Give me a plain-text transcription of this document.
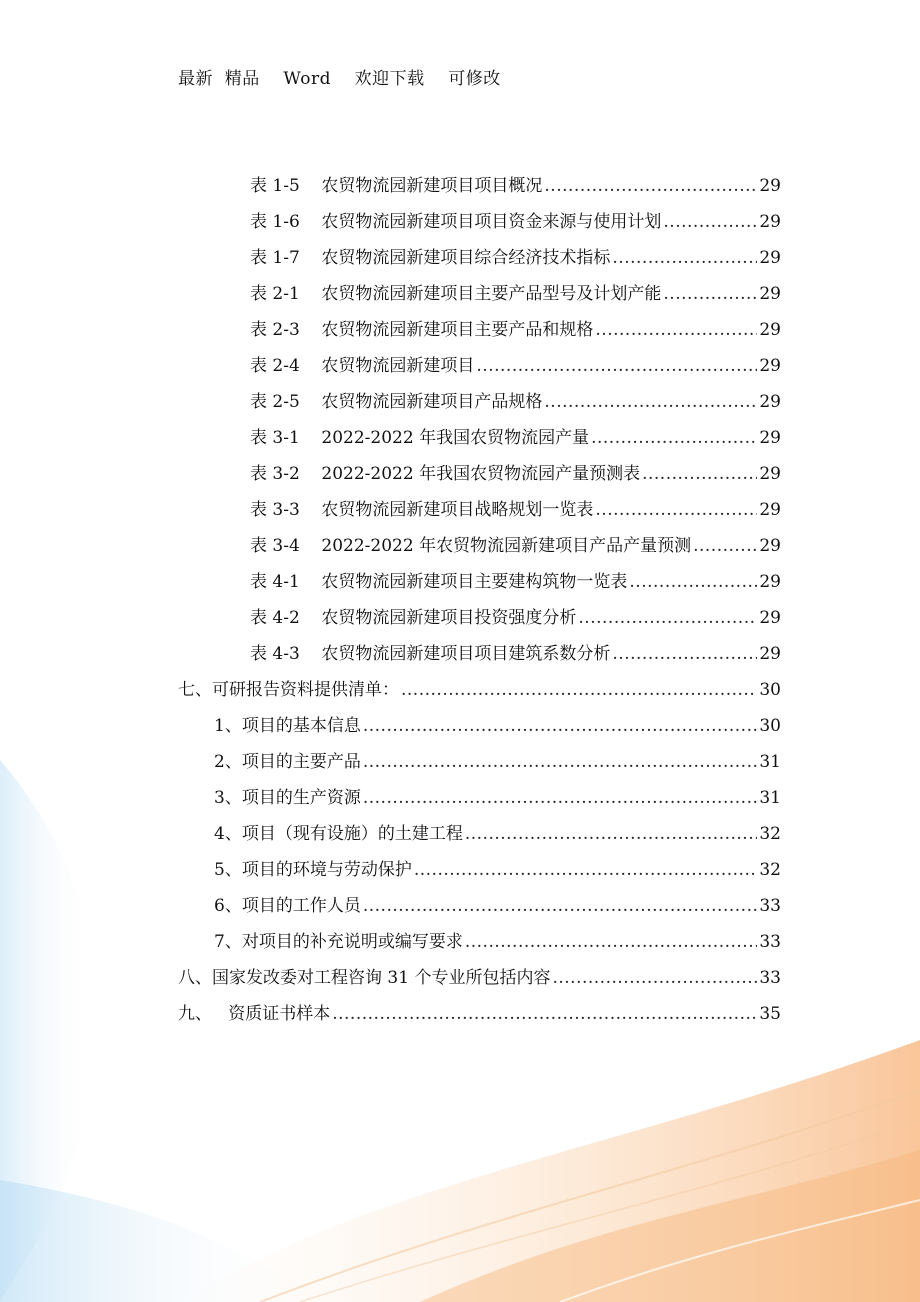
最新  精品    Word    欢迎下载    可修改
表 1-5    农贸物流园新建项目项目概况 .....	29
表 1-6    农贸物流园新建项目项目资金来源与使用计划 .....	29
表 1-7    农贸物流园新建项目综合经济技术指标 .....	29
表 2-1    农贸物流园新建项目主要产品型号及计划产能 .....	29
表 2-3    农贸物流园新建项目主要产品和规格 .....	29
表 2-4    农贸物流园新建项目 .....	29
表 2-5    农贸物流园新建项目产品规格 .....	29
表 3-1    2022-2022 年我国农贸物流园产量 .....	29
表 3-2    2022-2022 年我国农贸物流园产量预测表 .....	29
表 3-3    农贸物流园新建项目战略规划一览表 .....	29
表 3-4    2022-2022 年农贸物流园新建项目产品产量预测 .....	29
表 4-1    农贸物流园新建项目主要建构筑物一览表 .....	29
表 4-2    农贸物流园新建项目投资强度分析 .....	29
表 4-3    农贸物流园新建项目项目建筑系数分析 .....	29
七、可研报告资料提供清单： .....	30
1、项目的基本信息 .....	30
2、项目的主要产品 .....	31
3、项目的生产资源 .....	31
4、项目（现有设施）的土建工程 .....	32
5、项目的环境与劳动保护 .....	32
6、项目的工作人员 .....	33
7、对项目的补充说明或编写要求 .....	33
八、国家发改委对工程咨询 31 个专业所包括内容 .....	33
九、   资质证书样本 .....	35
